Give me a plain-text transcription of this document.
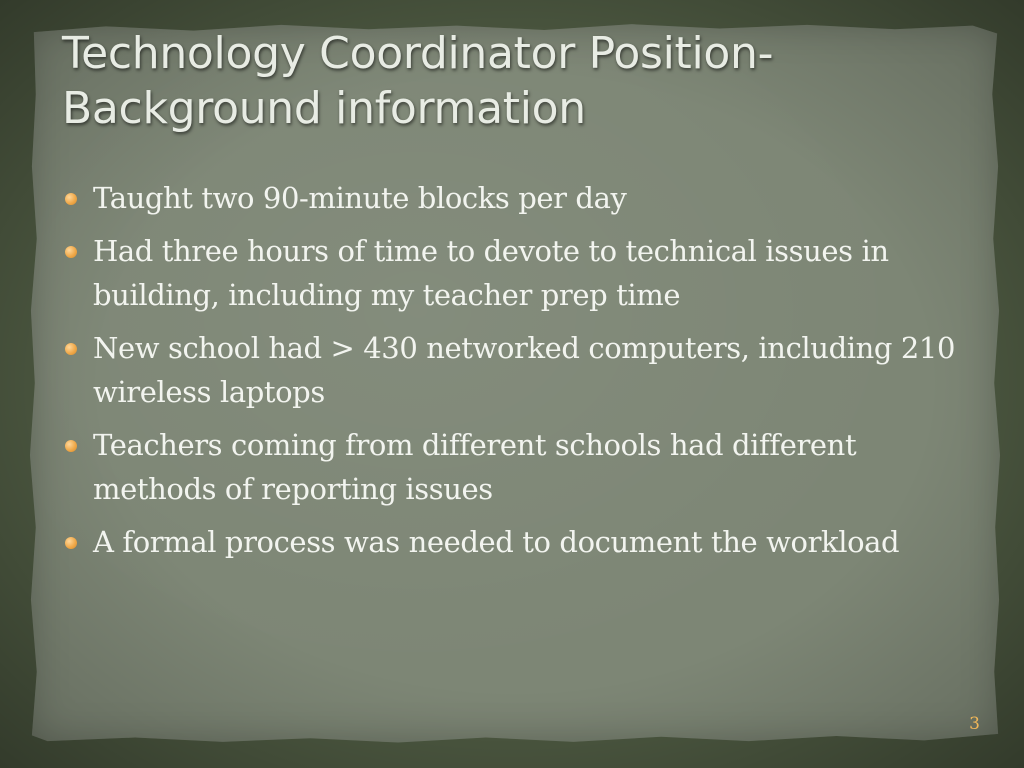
Technology Coordinator Position-
Background information
Taught two 90-minute blocks per day
Had three hours of time to devote to technical issues in building, including my teacher prep time
New school had > 430 networked computers, including 210 wireless laptops
Teachers coming from different schools had different methods of reporting issues
A formal process was needed to document the workload
3
